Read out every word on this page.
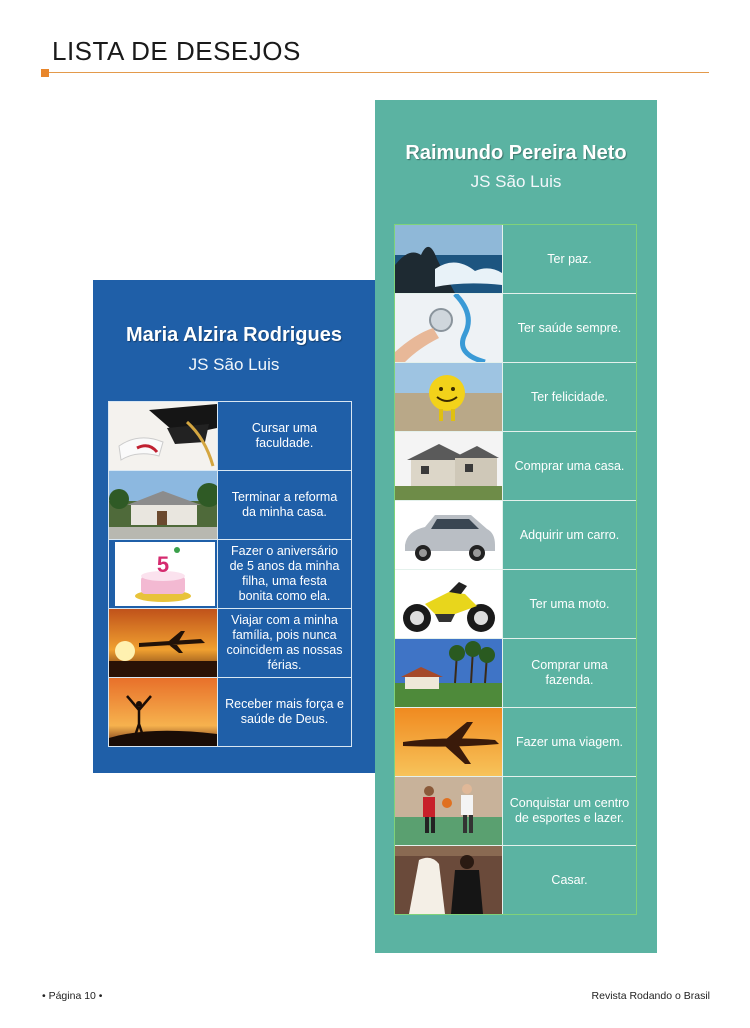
LISTA DE DESEJOS
Maria Alzira Rodrigues
JS São Luis
Cursar uma faculdade.
Terminar a reforma da minha casa.
5
Fazer o aniversário de 5 anos da minha filha, uma festa bonita como ela.
Viajar com a minha família, pois nunca coincidem as nossas férias.
Receber mais força e saúde de Deus.
Raimundo Pereira Neto
JS São Luis
Ter paz.
Ter saúde sempre.
Ter felicidade.
Comprar uma casa.
Adquirir um carro.
Ter uma moto.
Comprar uma fazenda.
Fazer uma viagem.
Conquistar um centro de esportes e lazer.
Casar.
• Página 10 •	Revista Rodando o Brasil
